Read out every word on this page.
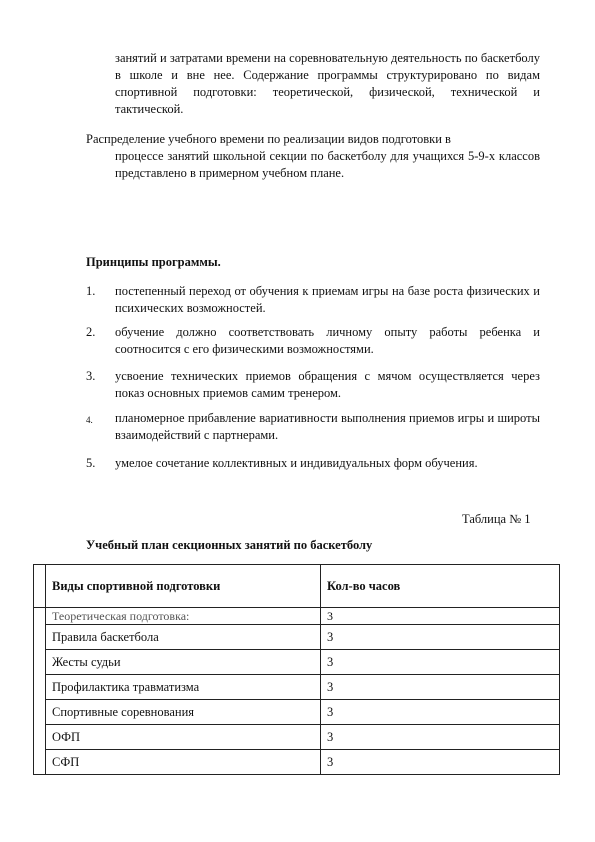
занятий и затратами времени на соревновательную деятельность по баскетболу в школе и вне нее. Содержание программы структурировано по видам спортивной подготовки: теоретической, физической, технической и тактической.
Распределение учебного времени по реализации видов подготовки в
процессе занятий школьной секции по баскетболу для учащихся 5-9-х классов представлено в примерном учебном плане.
Принципы программы.
1. постепенный переход от обучения к приемам игры на базе роста физических и психических возможностей.
2. обучение должно соответствовать личному опыту работы ребенка и соотносится с его физическими возможностями.
3. усвоение технических приемов обращения с мячом осуществляется через показ основных приемов самим тренером.
4. планомерное прибавление вариативности выполнения приемов игры и широты взаимодействий с партнерами.
5. умелое сочетание коллективных и индивидуальных форм обучения.
Таблица № 1
Учебный план секционных занятий по баскетболу
	Виды спортивной подготовки	Кол-во часов
	Теоретическая подготовка:	3
	Правила баскетбола	3
	Жесты судьи	3
	Профилактика травматизма	3
	Спортивные соревнования	3
	ОФП	3
	СФП	3
